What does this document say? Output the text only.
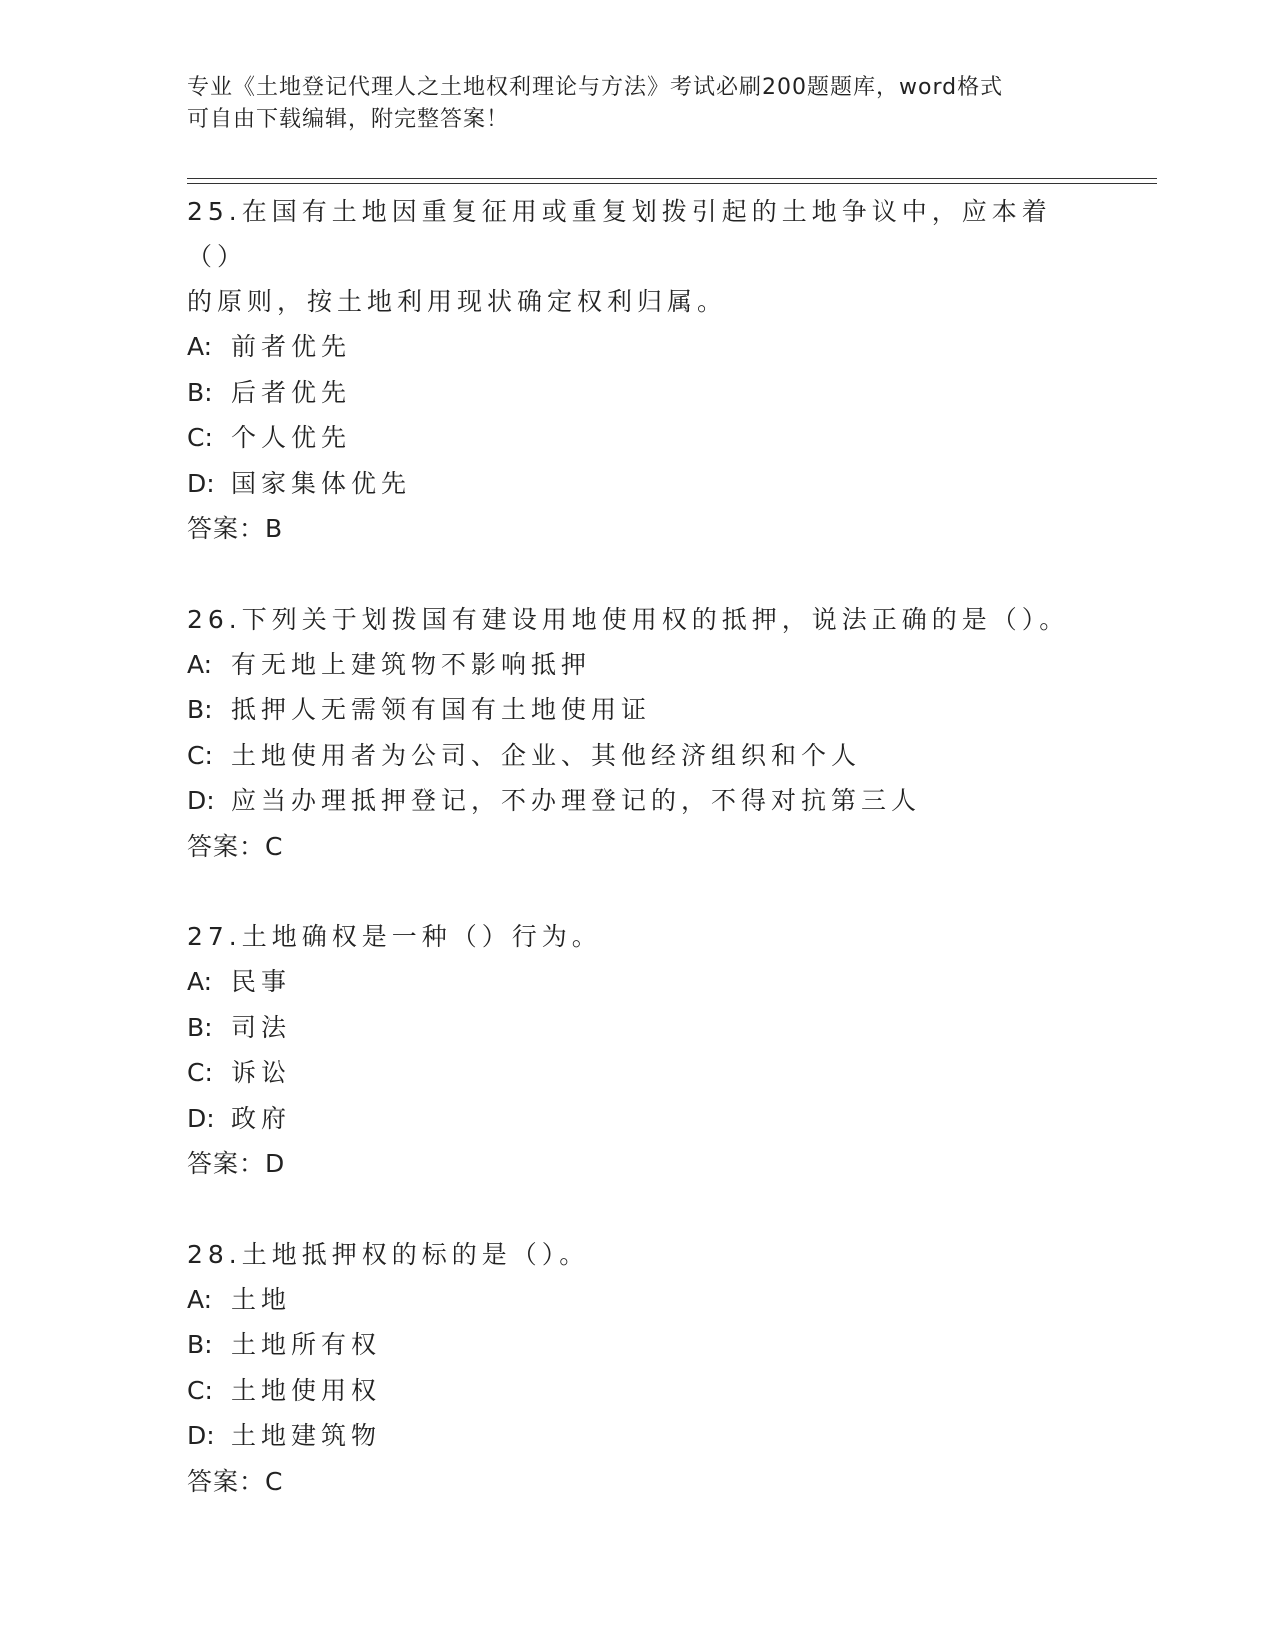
专业《土地登记代理人之土地权利理论与方法》考试必刷200题题库，word格式
可自由下载编辑，附完整答案！

25.在国有土地因重复征用或重复划拨引起的土地争议中，应本着（）

的原则，按土地利用现状确定权利归属。

A: 前者优先

B: 后者优先

C: 个人优先

D: 国家集体优先

答案：B

26.下列关于划拨国有建设用地使用权的抵押，说法正确的是（）。

A: 有无地上建筑物不影响抵押

B: 抵押人无需领有国有土地使用证

C: 土地使用者为公司、企业、其他经济组织和个人

D: 应当办理抵押登记，不办理登记的，不得对抗第三人

答案：C

27.土地确权是一种（）行为。

A: 民事

B: 司法

C: 诉讼

D: 政府

答案：D

28.土地抵押权的标的是（）。

A: 土地

B: 土地所有权

C: 土地使用权

D: 土地建筑物

答案：C
